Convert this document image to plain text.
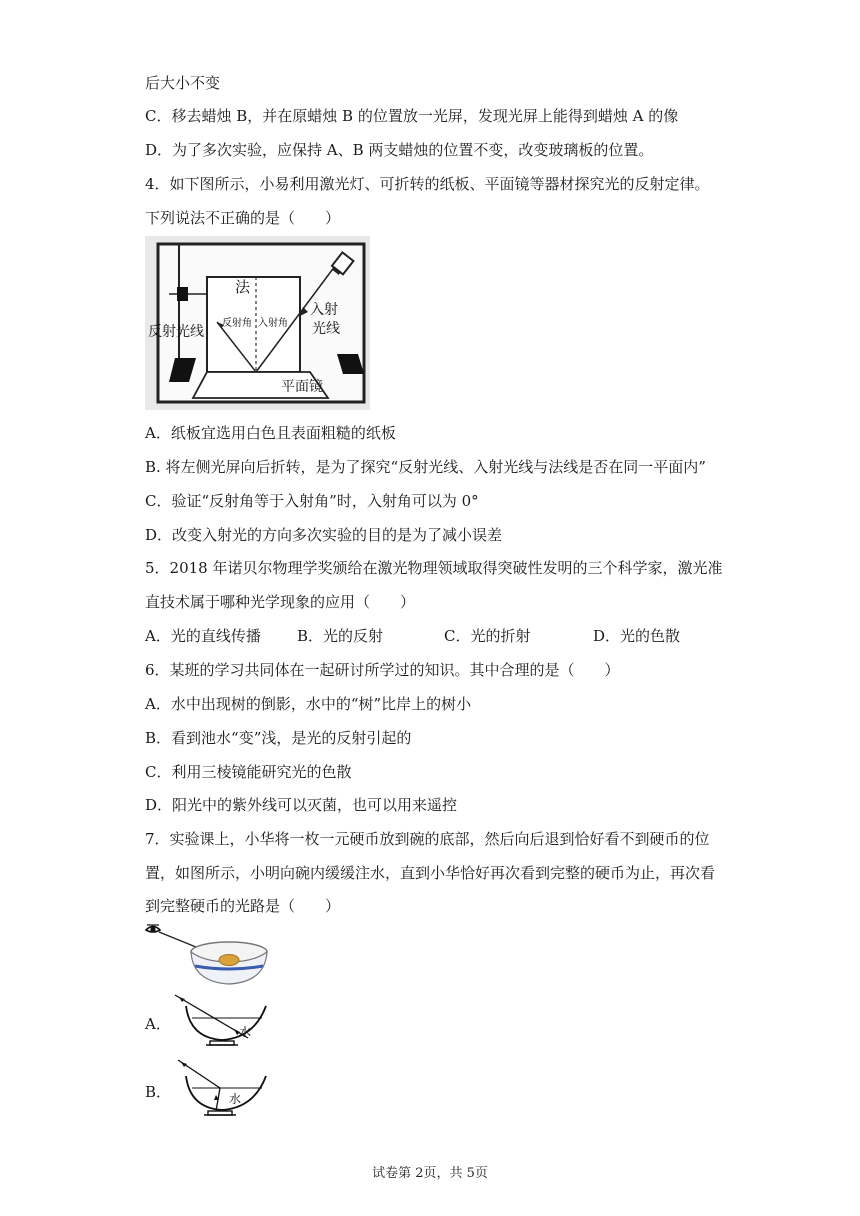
后大小不变
C．移去蜡烛 B，并在原蜡烛 B 的位置放一光屏，发现光屏上能得到蜡烛 A 的像
D．为了多次实验，应保持 A、B 两支蜡烛的位置不变，改变玻璃板的位置。
4．如下图所示，小易利用激光灯、可折转的纸板、平面镜等器材探究光的反射定律。
下列说法不正确的是（　　）
法
反射光线
入射
光线
反射角 入射角
平面镜
A．纸板宜选用白色且表面粗糙的纸板
B. 将左侧光屏向后折转，是为了探究“反射光线、入射光线与法线是否在同一平面内”
C．验证“反射角等于入射角”时，入射角可以为 0°
D．改变入射光的方向多次实验的目的是为了减小误差
5．2018 年诺贝尔物理学奖颁给在激光物理领域取得突破性发明的三个科学家，激光准
直技术属于哪种光学现象的应用（　　）
A．光的直线传播 B．光的反射	C．光的折射	D．光的色散
6．某班的学习共同体在一起研讨所学过的知识。其中合理的是（　　）
A．水中出现树的倒影，水中的“树”比岸上的树小
B．看到池水“变”浅，是光的反射引起的
C．利用三棱镜能研究光的色散
D．阳光中的紫外线可以灭菌，也可以用来遥控
7．实验课上，小华将一枚一元硬币放到碗的底部，然后向后退到恰好看不到硬币的位
置，如图所示，小明向碗内缓缓注水，直到小华恰好再次看到完整的硬币为止，再次看
到完整硬币的光路是（　　）
A．	水
B．	水
试卷第 2页，共 5页
